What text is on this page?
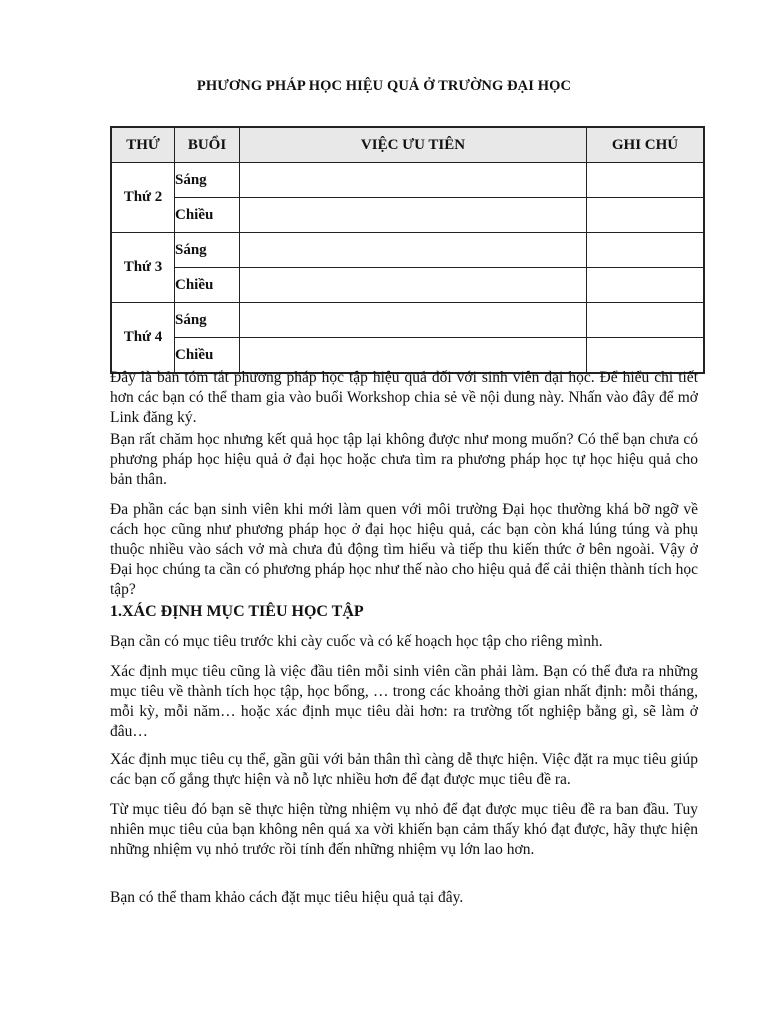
PHƯƠNG PHÁP HỌC HIỆU QUẢ Ở TRƯỜNG ĐẠI HỌC
THỨ	BUỔI	VIỆC ƯU TIÊN	GHI CHÚ
Thứ 2	Sáng		
	Chiều		
Thứ 3	Sáng		
	Chiều		
Thứ 4	Sáng		
	Chiều		
Đây là bản tóm tắt phương pháp học tập hiệu quả đối với sinh viên đại học. Để hiểu chi tiết hơn các bạn có thể tham gia vào buổi Workshop chia sẻ về nội dung này. Nhấn vào đây để mở Link đăng ký.
Bạn rất chăm học nhưng kết quả học tập lại không được như mong muốn? Có thể bạn chưa có phương pháp học hiệu quả ở đại học hoặc chưa tìm ra phương pháp học tự học hiệu quả cho bản thân.
Đa phần các bạn sinh viên khi mới làm quen với môi trường Đại học thường khá bỡ ngỡ về cách học cũng như phương pháp học ở đại học hiệu quả, các bạn còn khá lúng túng và phụ thuộc nhiều vào sách vở mà chưa đủ động tìm hiểu và tiếp thu kiến thức ở bên ngoài. Vậy ở Đại học chúng ta cần có phương pháp học như thế nào cho hiệu quả để cải thiện thành tích học tập?
1.XÁC ĐỊNH MỤC TIÊU HỌC TẬP
Bạn cần có mục tiêu trước khi cày cuốc và có kế hoạch học tập cho riêng mình.
Xác định mục tiêu cũng là việc đầu tiên mỗi sinh viên cần phải làm. Bạn có thể đưa ra những mục tiêu về thành tích học tập, học bổng, … trong các khoảng thời gian nhất định: mỗi tháng, mỗi kỳ, mỗi năm… hoặc xác định mục tiêu dài hơn: ra trường tốt nghiệp bằng gì, sẽ làm ở đâu…
Xác định mục tiêu cụ thể, gần gũi với bản thân thì càng dễ thực hiện. Việc đặt ra mục tiêu giúp các bạn cố gắng thực hiện và nỗ lực nhiều hơn để đạt được mục tiêu đề ra.
Từ mục tiêu đó bạn sẽ thực hiện từng nhiệm vụ nhỏ để đạt được mục tiêu đề ra ban đầu. Tuy nhiên mục tiêu của bạn không nên quá xa vời khiến bạn cảm thấy khó đạt được, hãy thực hiện những nhiệm vụ nhỏ trước rồi tính đến những nhiệm vụ lớn lao hơn.
Bạn có thể tham khảo cách đặt mục tiêu hiệu quả tại đây.
